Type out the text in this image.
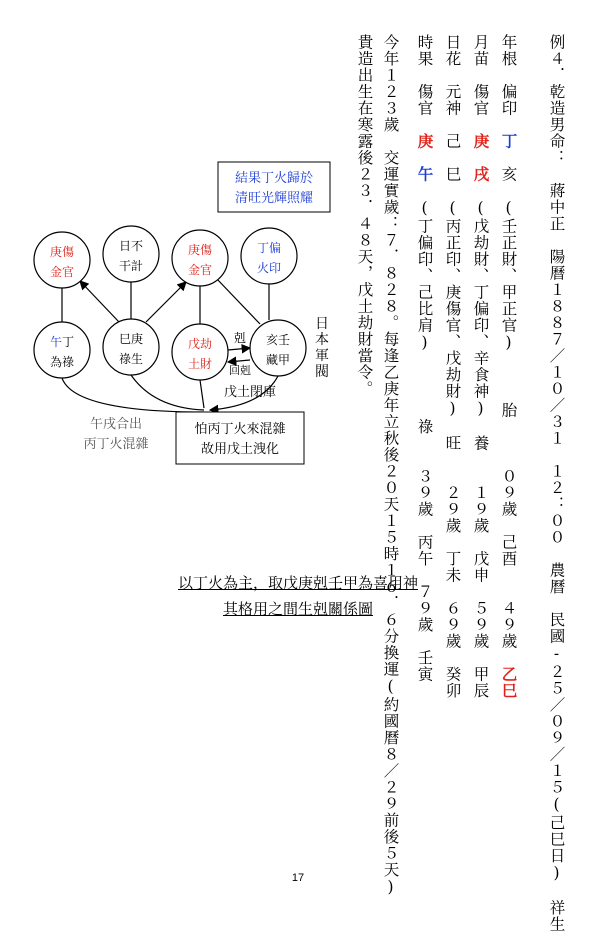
例４．乾造男命：　蔣中正　陽曆１８８７／１０／３１　１２：００　農曆　民國-２５／０９／１５(己巳日)　祥生
年根　偏印　丁　亥　(壬正財、甲正官)　　　胎　　　０９歲　己酉　　４９歲　乙巳
月苗　傷官　庚　戌　(戊劫財、丁偏印、辛食神)　養　　１９歲　戊申　５９歲　甲辰
日花　元神　己　巳　(丙正印、庚傷官、戊劫財)　旺　　２９歲　丁未　６９歲　癸卯
時果　傷官　庚　午　(丁偏印、己比肩)　　　　祿　　３９歲　丙午　７９歲　壬寅
今年１２３歲　交運實歲：７．８２８。每逢乙庚年立秋後２０天１５時１６．６分換運(約國曆８／２９前後５天)
貴造出生在寒露後２３．４８天，戊土劫財當令。
結果丁火歸於
清旺光輝照耀
庚傷
金官
日不
干計
庚傷
金官
丁偏
火印
午丁
為祿
巳庚
祿生
戊劫
土財
亥壬
藏甲
剋
回剋
日
本
軍
閥
戊土閉庫
午戌合出
丙丁火混雜
怕丙丁火來混雜
故用戊土洩化
以丁火為主，取戊庚剋壬甲為喜用神
其格用之間生剋關係圖
17
